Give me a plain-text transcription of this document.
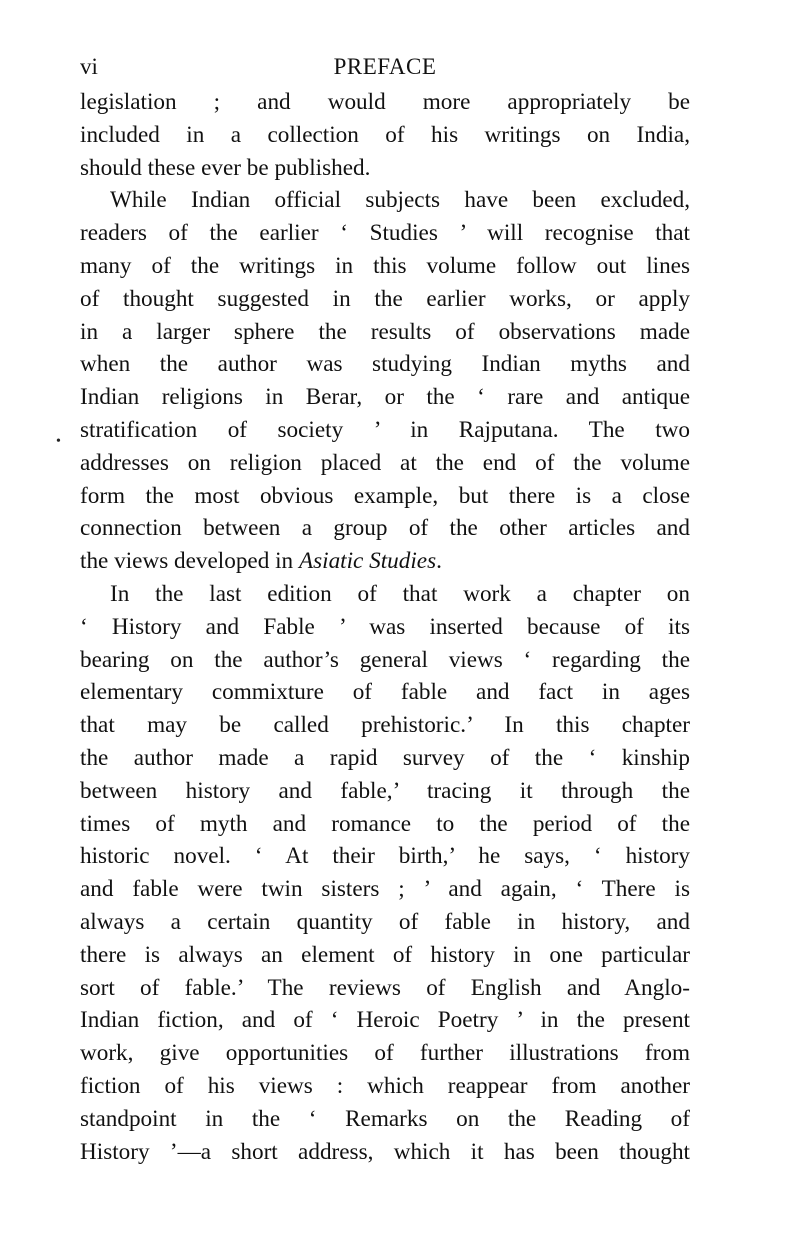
vi	PREFACE
legislation ; and would more appropriately be
included in a collection of his writings on India,
should these ever be published.
While Indian official subjects have been excluded,
readers of the earlier ‘ Studies ’ will recognise that
many of the writings in this volume follow out lines
of thought suggested in the earlier works, or apply
in a larger sphere the results of observations made
when the author was studying Indian myths and
Indian religions in Berar, or the ‘ rare and antique
stratification of society ’ in Rajputana. The two
addresses on religion placed at the end of the volume
form the most obvious example, but there is a close
connection between a group of the other articles and
the views developed in Asiatic Studies.
In the last edition of that work a chapter on
‘ History and Fable ’ was inserted because of its
bearing on the author’s general views ‘ regarding the
elementary commixture of fable and fact in ages
that may be called prehistoric.’ In this chapter
the author made a rapid survey of the ‘ kinship
between history and fable,’ tracing it through the
times of myth and romance to the period of the
historic novel. ‘ At their birth,’ he says, ‘ history
and fable were twin sisters ; ’ and again, ‘ There is
always a certain quantity of fable in history, and
there is always an element of history in one particular
sort of fable.’ The reviews of English and Anglo-
Indian fiction, and of ‘ Heroic Poetry ’ in the present
work, give opportunities of further illustrations from
fiction of his views : which reappear from another
standpoint in the ‘ Remarks on the Reading of
History ’—a short address, which it has been thought
•
